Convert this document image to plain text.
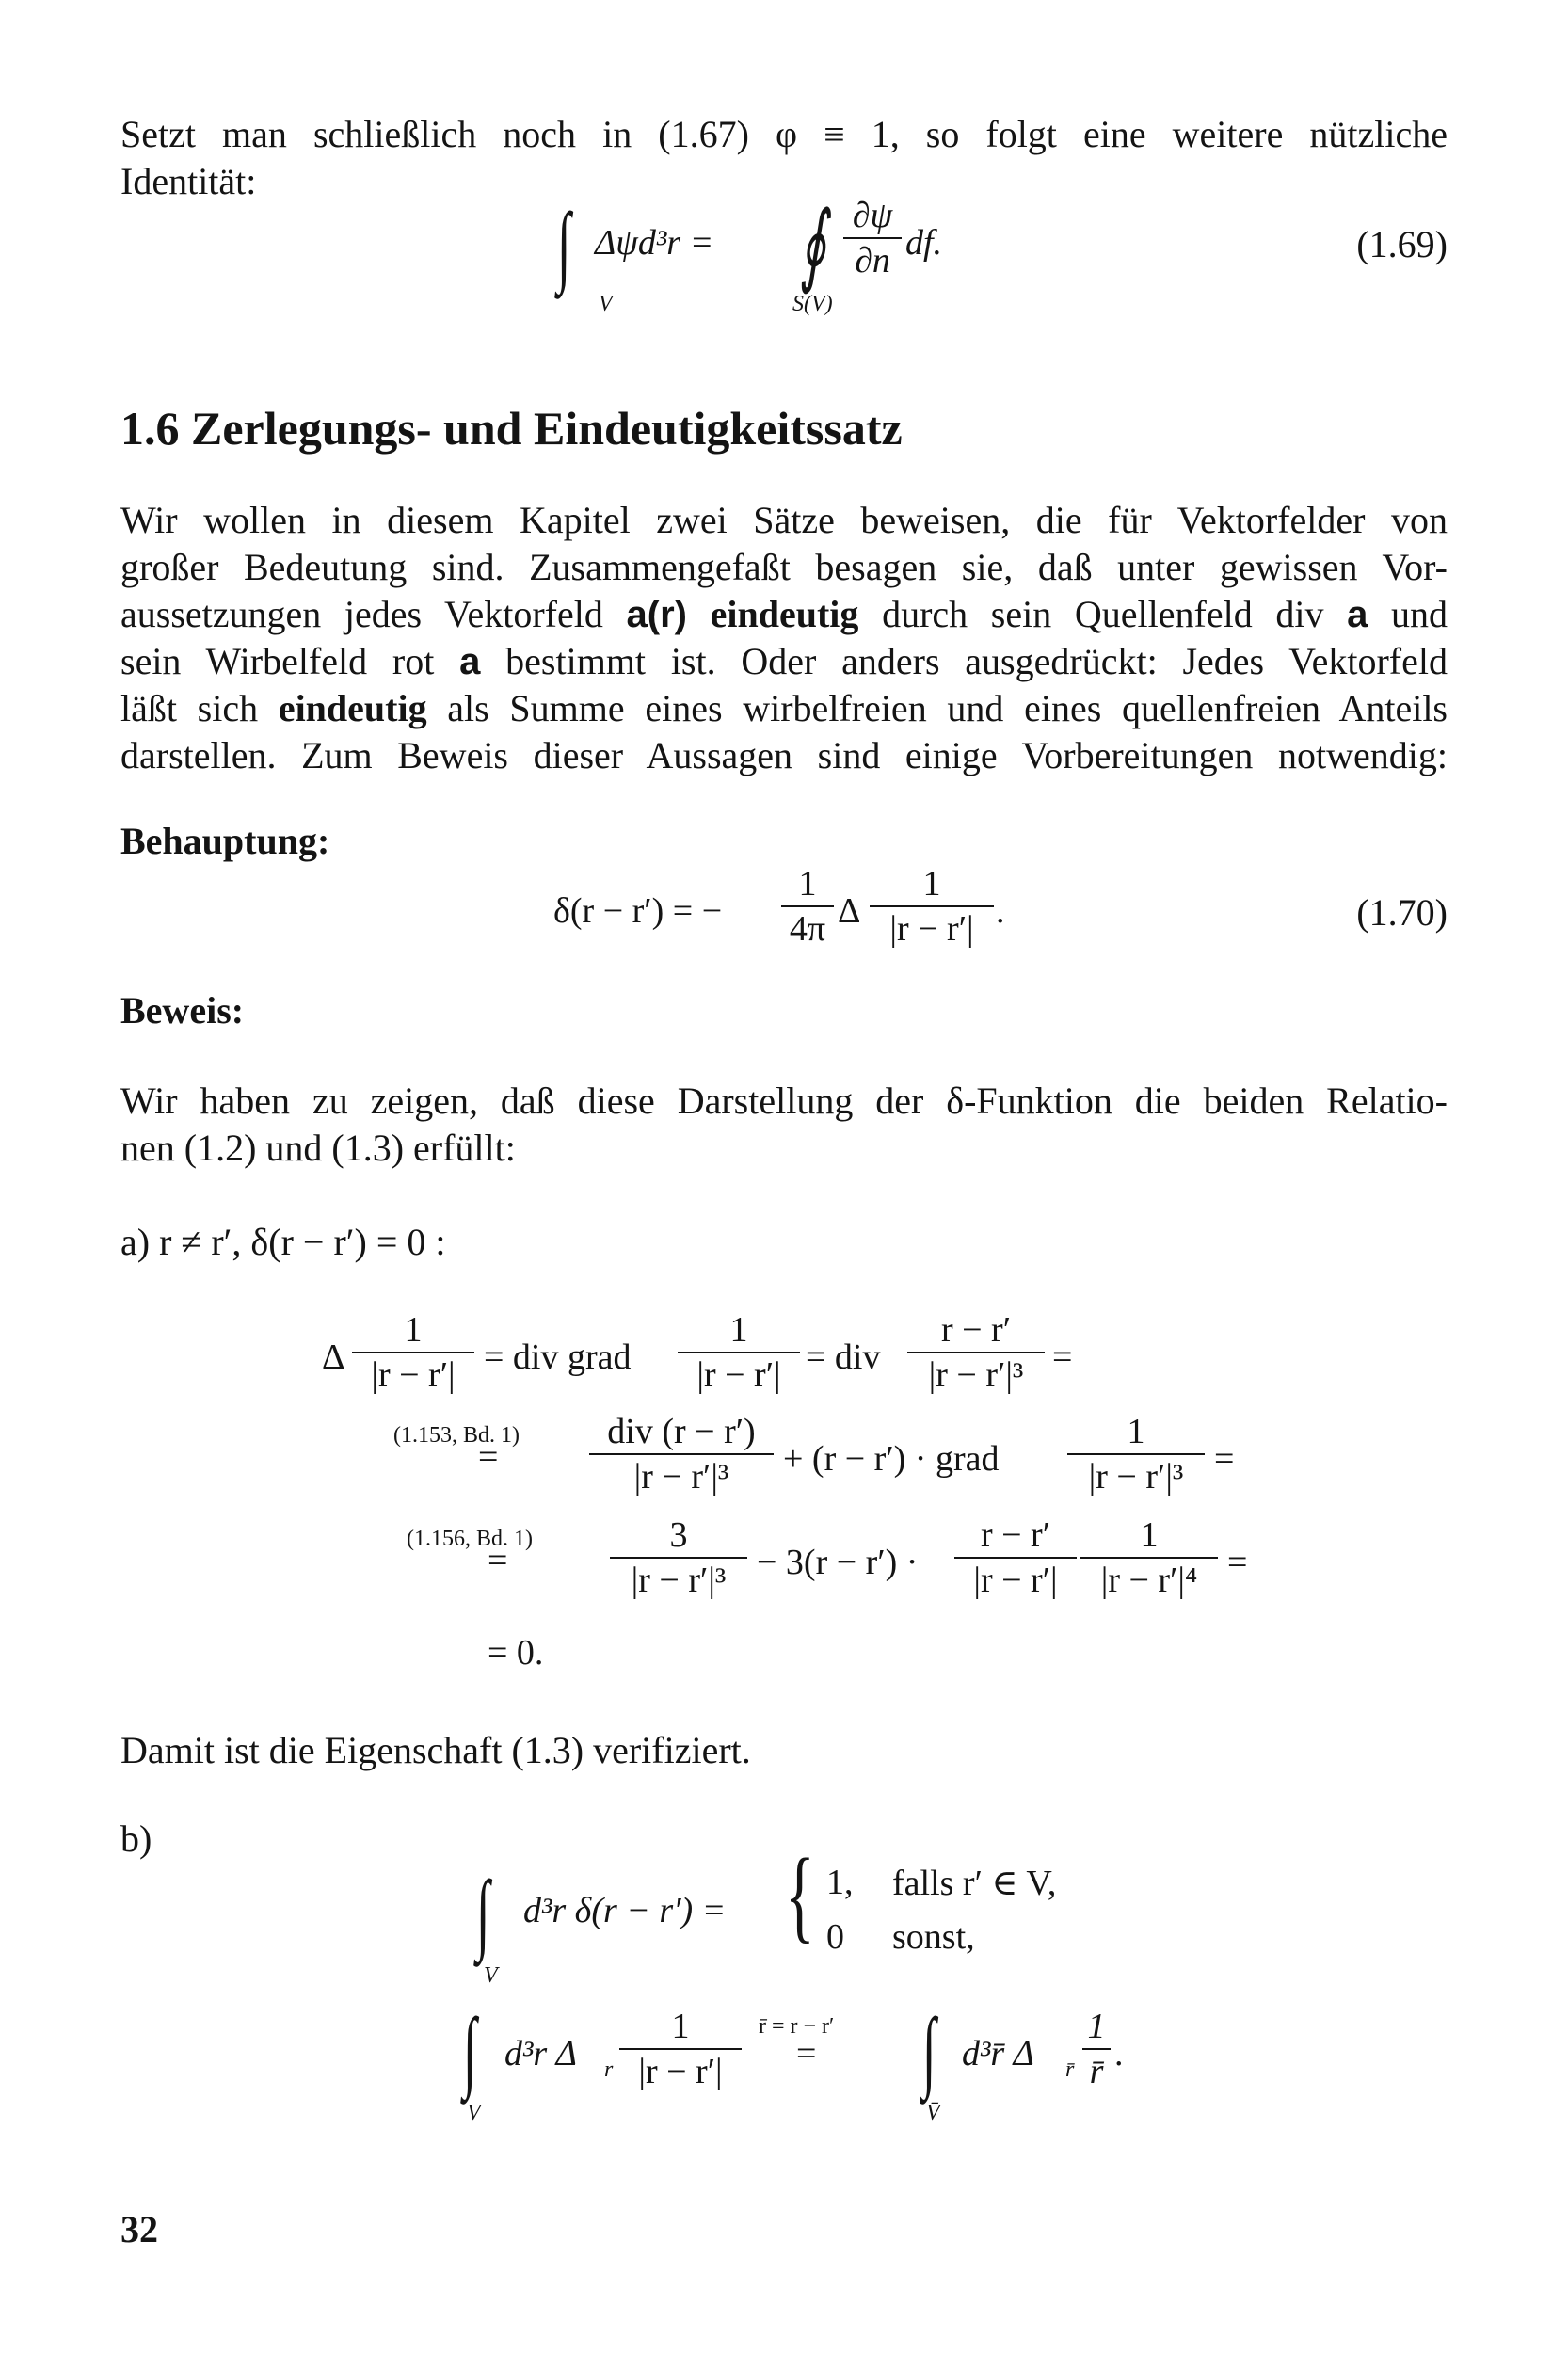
Setzt man schließlich noch in (1.67) φ ≡ 1, so folgt eine weitere nützliche
Identität:
∫ Δψd³r =
V
∮
S(V)
∂ψ
∂n df.	(1.69)
1.6 Zerlegungs- und Eindeutigkeitssatz
Wir wollen in diesem Kapitel zwei Sätze beweisen, die für Vektorfelder von
großer Bedeutung sind. Zusammengefaßt besagen sie, daß unter gewissen Vor-
aussetzungen jedes Vektorfeld a(r) eindeutig durch sein Quellenfeld div a und
sein Wirbelfeld rot a bestimmt ist. Oder anders ausgedrückt: Jedes Vektorfeld
läßt sich eindeutig als Summe eines wirbelfreien und eines quellenfreien Anteils
darstellen. Zum Beweis dieser Aussagen sind einige Vorbereitungen notwendig:
Behauptung:
δ(r − r′) = −
1
4π Δ
1
|r − r′| .	(1.70)
Beweis:
Wir haben zu zeigen, daß diese Darstellung der δ-Funktion die beiden Relatio-
nen (1.2) und (1.3) erfüllt:
a) r ≠ r′, δ(r − r′) = 0 :
Δ
1
|r − r′| = div grad
1
|r − r′| = div
r − r′
|r − r′|³ =
(1.153, Bd. 1)
=
div (r − r′)
|r − r′|³	+ (r − r′) · grad
1
|r − r′|³ =
(1.156, Bd. 1)
=
3
|r − r′|³ − 3(r − r′) ·
r − r′
|r − r′|
1
|r − r′|⁴ =
= 0.
Damit ist die Eigenschaft (1.3) verifiziert.
b)
∫
V
d³r δ(r − r′) = { 1, falls r′ ∈ V,
0 sonst,
∫
V
d³r Δ r
1
|r − r′|
r̄ = r − r′
= ∫
V̄
d³r̄ Δ r̄
1
r̄ .
32
